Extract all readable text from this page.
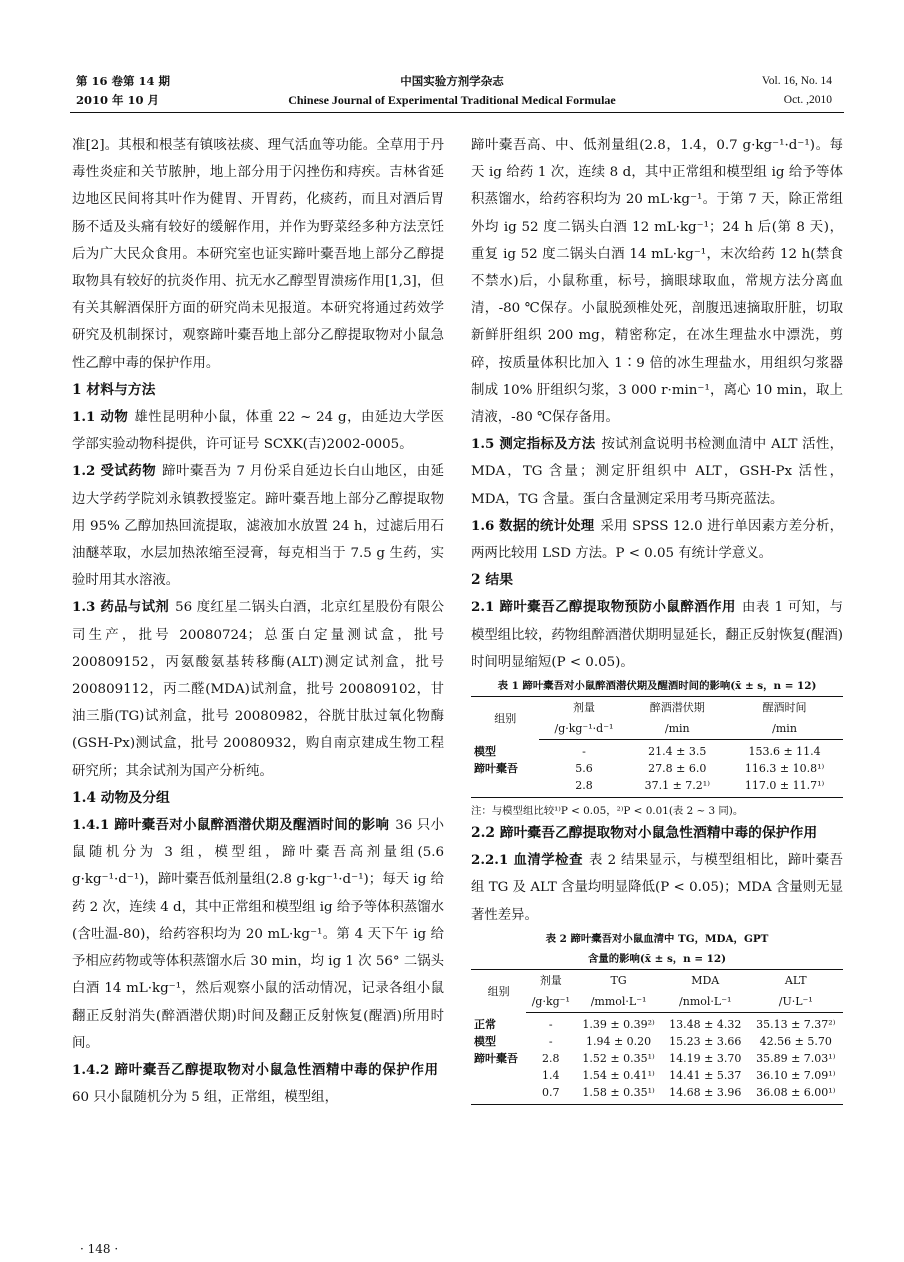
第 16 卷第 14 期
2010 年 10 月
中国实验方剂学杂志
Chinese Journal of Experimental Traditional Medical Formulae
Vol. 16, No. 14
Oct. ,2010

准[2]。其根和根茎有镇咳祛痰、理气活血等功能。全草用于丹毒性炎症和关节脓肿，地上部分用于闪挫伤和痔疾。吉林省延边地区民间将其叶作为健胃、开胃药，化痰药，而且对酒后胃肠不适及头痛有较好的缓解作用，并作为野菜经多种方法烹饪后为广大民众食用。本研究室也证实蹄叶橐吾地上部分乙醇提取物具有较好的抗炎作用、抗无水乙醇型胃溃疡作用[1,3]，但有关其解酒保肝方面的研究尚未见报道。本研究将通过药效学研究及机制探讨，观察蹄叶橐吾地上部分乙醇提取物对小鼠急性乙醇中毒的保护作用。

1 材料与方法

1.1 动物 雄性昆明种小鼠，体重 22 ~ 24 g，由延边大学医学部实验动物科提供，许可证号 SCXK(吉)2002-0005。

1.2 受试药物 蹄叶橐吾为 7 月份采自延边长白山地区，由延边大学药学院刘永镇教授鉴定。蹄叶橐吾地上部分乙醇提取物用 95% 乙醇加热回流提取，滤液加水放置 24 h，过滤后用石油醚萃取，水层加热浓缩至浸膏，每克相当于 7.5 g 生药，实验时用其水溶液。

1.3 药品与试剂 56 度红星二锅头白酒，北京红星股份有限公司生产，批号 20080724；总蛋白定量测试盒，批号 200809152，丙氨酸氨基转移酶(ALT)测定试剂盒，批号 200809112，丙二醛(MDA)试剂盒，批号 200809102，甘油三脂(TG)试剂盒，批号 20080982，谷胱甘肽过氧化物酶(GSH-Px)测试盒，批号 20080932，购自南京建成生物工程研究所；其余试剂为国产分析纯。

1.4 动物及分组

1.4.1 蹄叶橐吾对小鼠醉酒潜伏期及醒酒时间的影响 36 只小鼠随机分为 3 组，模型组，蹄叶橐吾高剂量组(5.6 g·kg⁻¹·d⁻¹)，蹄叶橐吾低剂量组(2.8 g·kg⁻¹·d⁻¹)；每天 ig 给药 2 次，连续 4 d，其中正常组和模型组 ig 给予等体积蒸馏水(含吐温-80)，给药容积均为 20 mL·kg⁻¹。第 4 天下午 ig 给予相应药物或等体积蒸馏水后 30 min，均 ig 1 次 56° 二锅头白酒 14 mL·kg⁻¹，然后观察小鼠的活动情况，记录各组小鼠翻正反射消失(醉酒潜伏期)时间及翻正反射恢复(醒酒)所用时间。

1.4.2 蹄叶橐吾乙醇提取物对小鼠急性酒精中毒的保护作用60 只小鼠随机分为 5 组，正常组，模型组，

蹄叶橐吾高、中、低剂量组(2.8，1.4，0.7 g·kg⁻¹·d⁻¹)。每天 ig 给药 1 次，连续 8 d，其中正常组和模型组 ig 给予等体积蒸馏水，给药容积均为 20 mL·kg⁻¹。于第 7 天，除正常组外均 ig 52 度二锅头白酒 12 mL·kg⁻¹；24 h 后(第 8 天)，重复 ig 52 度二锅头白酒 14 mL·kg⁻¹，末次给药 12 h(禁食不禁水)后，小鼠称重，标号，摘眼球取血，常规方法分离血清，-80 ℃保存。小鼠脱颈椎处死，剖腹迅速摘取肝脏，切取新鲜肝组织 200 mg，精密称定，在冰生理盐水中漂洗，剪碎，按质量体积比加入 1∶9 倍的冰生理盐水，用组织匀浆器制成 10% 肝组织匀浆，3 000 r·min⁻¹，离心 10 min，取上清液，-80 ℃保存备用。

1.5 测定指标及方法 按试剂盒说明书检测血清中 ALT 活性，MDA，TG 含量；测定肝组织中 ALT，GSH-Px 活性，MDA，TG 含量。蛋白含量测定采用考马斯亮蓝法。

1.6 数据的统计处理 采用 SPSS 12.0 进行单因素方差分析，两两比较用 LSD 方法。P < 0.05 有统计学意义。

2 结果

2.1 蹄叶橐吾乙醇提取物预防小鼠醉酒作用 由表 1 可知，与模型组比较，药物组醉酒潜伏期明显延长，翻正反射恢复(醒酒)时间明显缩短(P < 0.05)。

表 1 蹄叶橐吾对小鼠醉酒潜伏期及醒酒时间的影响(x̄ ± s，n = 12)

组别	剂量	醉酒潜伏期	醒酒时间
	/g·kg⁻¹·d⁻¹	/min	/min
模型	-	21.4 ± 3.5	153.6 ± 11.4
蹄叶橐吾	5.6	27.8 ± 6.0	116.3 ± 10.8¹⁾
	2.8	37.1 ± 7.2¹⁾	117.0 ± 11.7¹⁾

注：与模型组比较¹⁾P < 0.05，²⁾P < 0.01(表 2 ~ 3 同)。

2.2 蹄叶橐吾乙醇提取物对小鼠急性酒精中毒的保护作用

2.2.1 血清学检查 表 2 结果显示，与模型组相比，蹄叶橐吾组 TG 及 ALT 含量均明显降低(P < 0.05)；MDA 含量则无显著性差异。

表 2 蹄叶橐吾对小鼠血清中 TG，MDA，GPT

含量的影响(x̄ ± s，n = 12)

组别	剂量	TG	MDA	ALT
	/g·kg⁻¹	/mmol·L⁻¹	/nmol·L⁻¹	/U·L⁻¹
正常	-	1.39 ± 0.39²⁾	13.48 ± 4.32	35.13 ± 7.37²⁾
模型	-	1.94 ± 0.20	15.23 ± 3.66	42.56 ± 5.70
蹄叶橐吾	2.8	1.52 ± 0.35¹⁾	14.19 ± 3.70	35.89 ± 7.03¹⁾
	1.4	1.54 ± 0.41¹⁾	14.41 ± 5.37	36.10 ± 7.09¹⁾
	0.7	1.58 ± 0.35¹⁾	14.68 ± 3.96	36.08 ± 6.00¹⁾
· 148 ·
